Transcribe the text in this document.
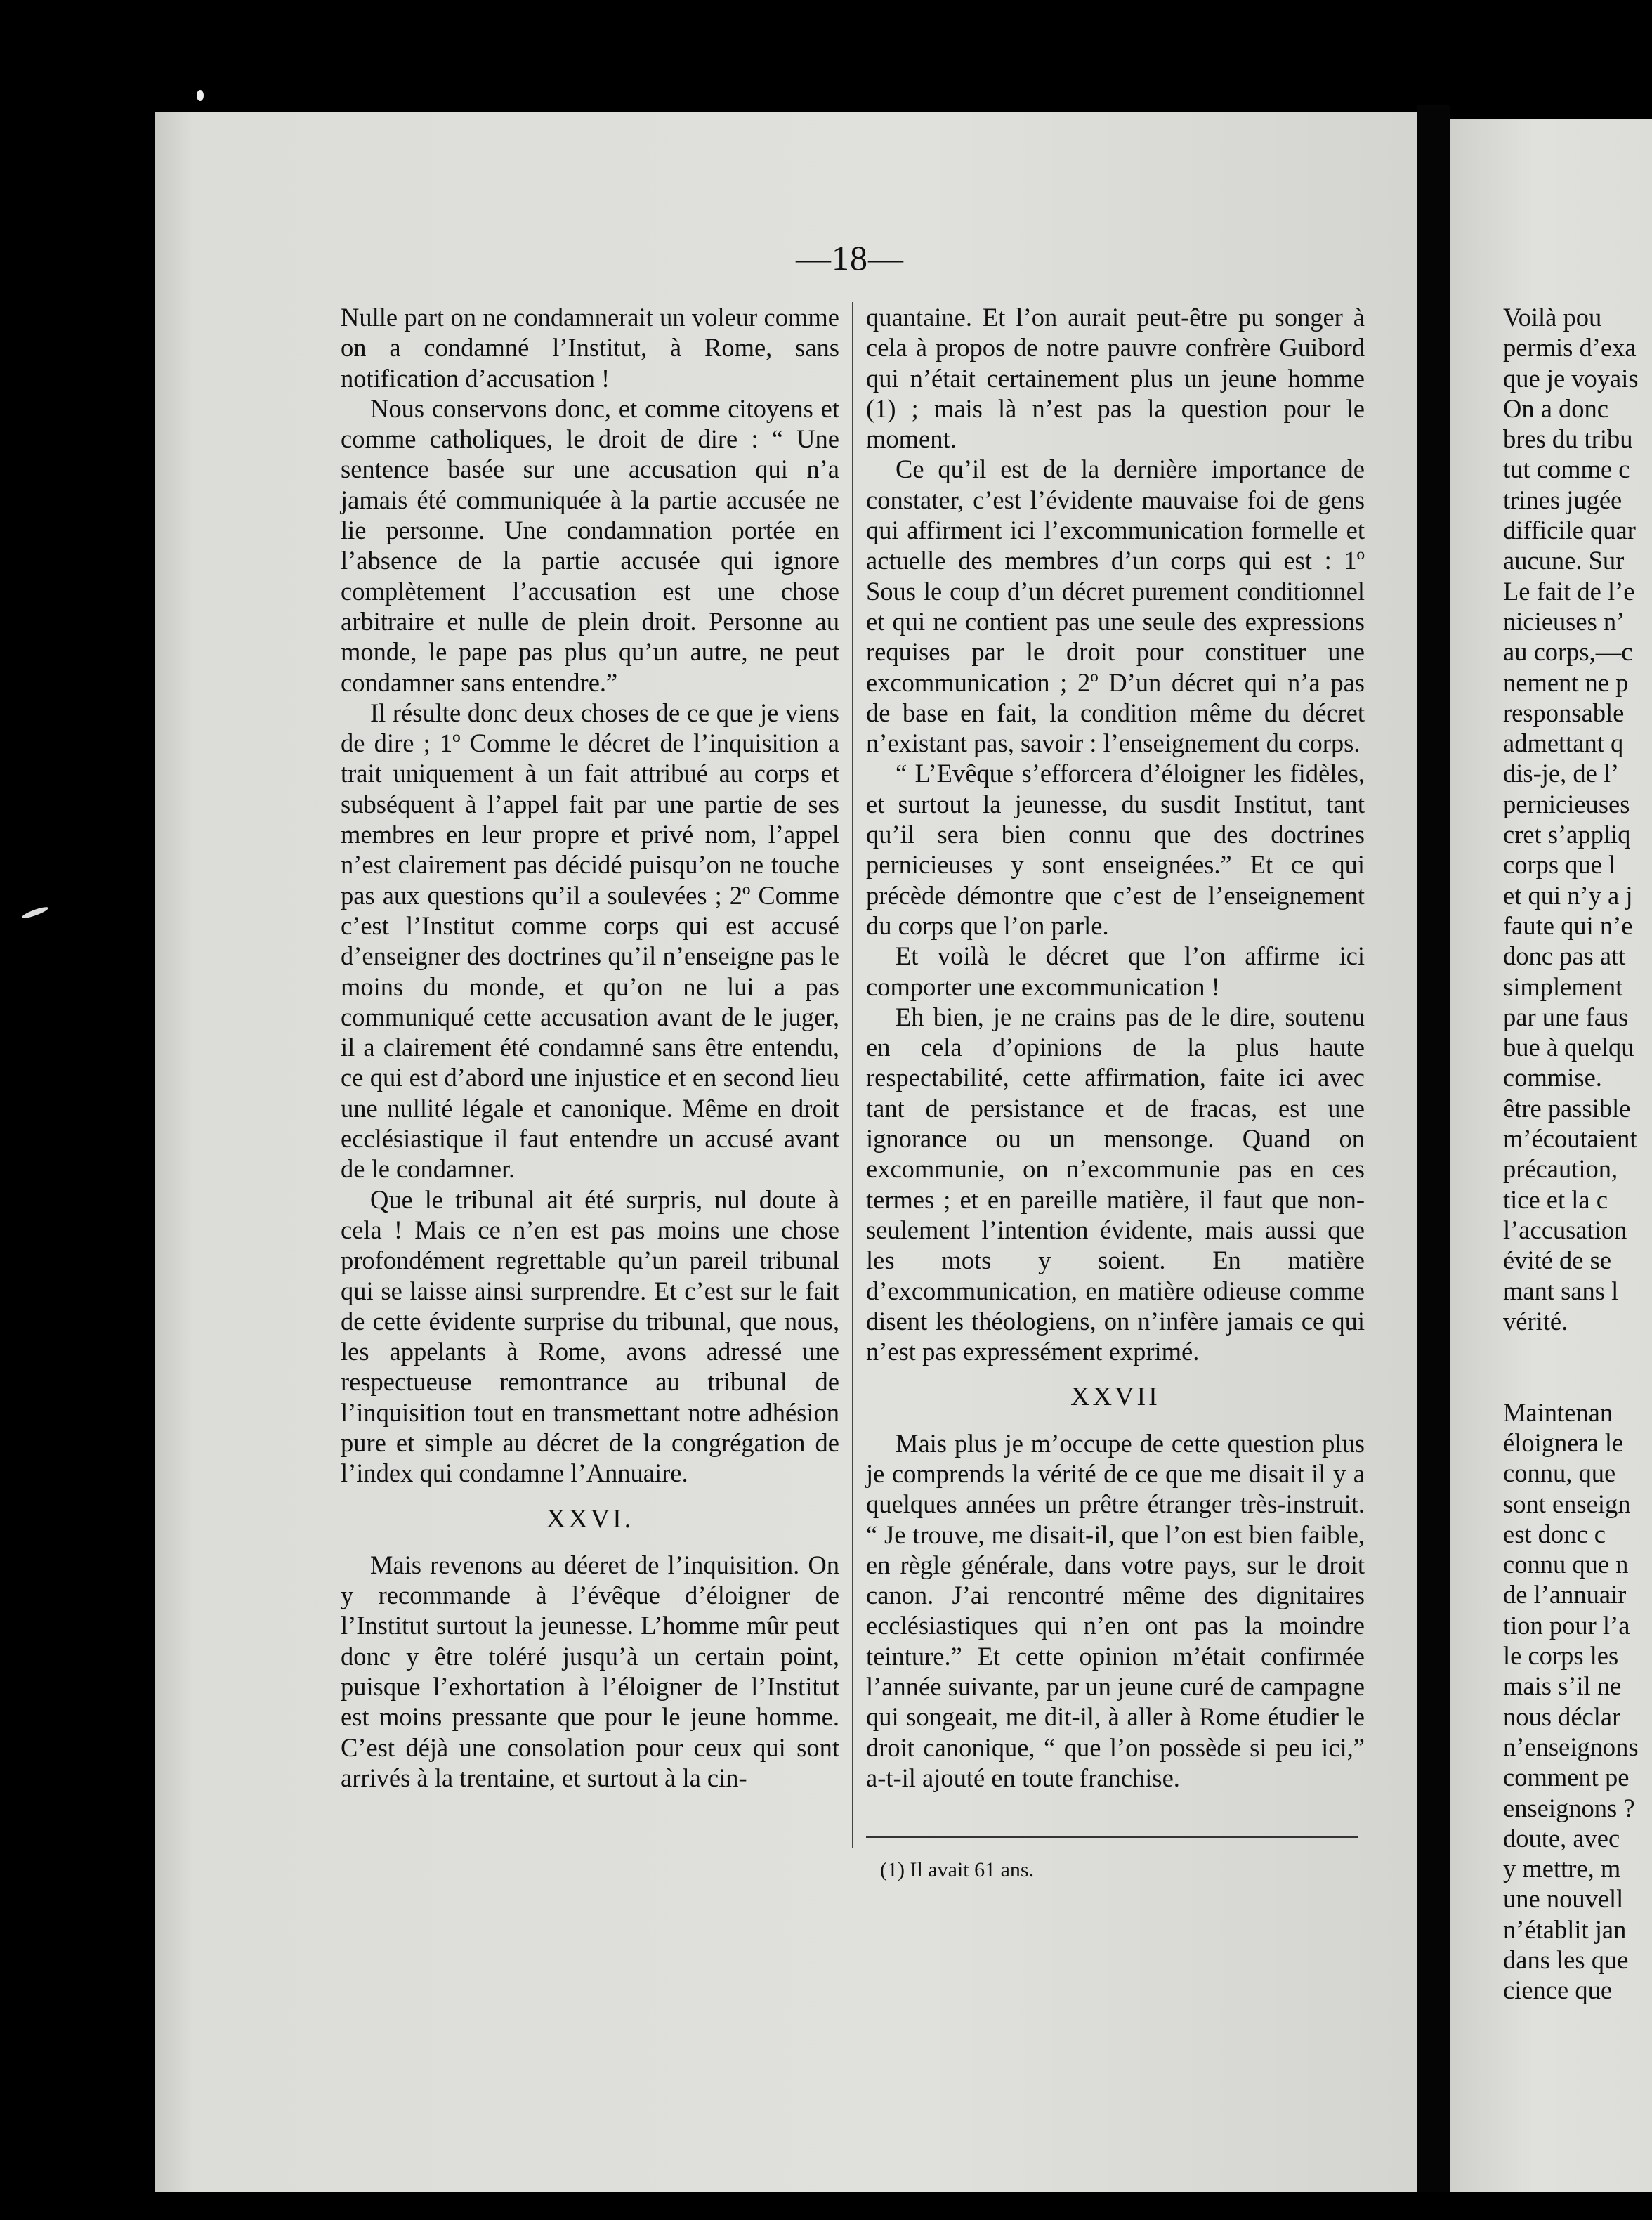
—18—

Nulle part on ne condamnerait un voleur comme on a condamné l’Institut, à Rome, sans notification d’accusation !

Nous conservons donc, et comme citoyens et comme catholiques, le droit de dire : “ Une sentence basée sur une accusation qui n’a jamais été communiquée à la partie accusée ne lie personne. Une condamnation portée en l’absence de la partie accusée qui ignore complètement l’accusation est une chose arbitraire et nulle de plein droit. Personne au monde, le pape pas plus qu’un autre, ne peut condamner sans entendre.”

Il résulte donc deux choses de ce que je viens de dire ; 1º Comme le décret de l’inquisition a trait uniquement à un fait attribué au corps et subséquent à l’appel fait par une partie de ses membres en leur propre et privé nom, l’appel n’est clairement pas décidé puisqu’on ne touche pas aux questions qu’il a soulevées ; 2º Comme c’est l’Institut comme corps qui est accusé d’enseigner des doctrines qu’il n’enseigne pas le moins du monde, et qu’on ne lui a pas communiqué cette accusation avant de le juger, il a clairement été condamné sans être entendu, ce qui est d’abord une injustice et en second lieu une nullité légale et canonique. Même en droit ecclésiastique il faut entendre un accusé avant de le condamner.

Que le tribunal ait été surpris, nul doute à cela ! Mais ce n’en est pas moins une chose profondément regrettable qu’un pareil tribunal qui se laisse ainsi surprendre. Et c’est sur le fait de cette évidente surprise du tribunal, que nous, les appelants à Rome, avons adressé une respectueuse remontrance au tribunal de l’inquisition tout en transmettant notre adhésion pure et simple au décret de la congrégation de l’index qui condamne l’Annuaire.

XXVI.

Mais revenons au déeret de l’inquisition. On y recommande à l’évêque d’éloigner de l’Institut surtout la jeunesse. L’homme mûr peut donc y être toléré jusqu’à un certain point, puisque l’exhortation à l’éloigner de l’Institut est moins pressante que pour le jeune homme. C’est déjà une consolation pour ceux qui sont arrivés à la trentaine, et surtout à la cin-

quantaine. Et l’on aurait peut-être pu songer à cela à propos de notre pauvre confrère Guibord qui n’était certainement plus un jeune homme (1) ; mais là n’est pas la question pour le moment.

Ce qu’il est de la dernière importance de constater, c’est l’évidente mauvaise foi de gens qui affirment ici l’excommunication formelle et actuelle des membres d’un corps qui est : 1º Sous le coup d’un décret purement conditionnel et qui ne contient pas une seule des expressions requises par le droit pour constituer une excommunication ; 2º D’un décret qui n’a pas de base en fait, la condition même du décret n’existant pas, savoir : l’enseignement du corps.

“ L’Evêque s’efforcera d’éloigner les fidèles, et surtout la jeunesse, du susdit Institut, tant qu’il sera bien connu que des doctrines pernicieuses y sont enseignées.” Et ce qui précède démontre que c’est de l’enseignement du corps que l’on parle.

Et voilà le décret que l’on affirme ici comporter une excommunication !

Eh bien, je ne crains pas de le dire, soutenu en cela d’opinions de la plus haute respectabilité, cette affirmation, faite ici avec tant de persistance et de fracas, est une ignorance ou un mensonge. Quand on excommunie, on n’excommunie pas en ces termes ; et en pareille matière, il faut que non-seulement l’intention évidente, mais aussi que les mots y soient. En matière d’excommunication, en matière odieuse comme disent les théologiens, on n’infère jamais ce qui n’est pas expressément exprimé.

XXVII

Mais plus je m’occupe de cette question plus je comprends la vérité de ce que me disait il y a quelques années un prêtre étranger très-instruit. “ Je trouve, me disait-il, que l’on est bien faible, en règle générale, dans votre pays, sur le droit canon. J’ai rencontré même des dignitaires ecclésiastiques qui n’en ont pas la moindre teinture.” Et cette opinion m’était confirmée l’année suivante, par un jeune curé de campagne qui songeait, me dit-il, à aller à Rome étudier le droit canonique, “ que l’on possède si peu ici,” a-t-il ajouté en toute franchise.

(1) Il avait 61 ans.

Voilà pou

permis d’exa

que je voyais

On a donc

bres du tribu

tut comme c

trines jugée

difficile quar

aucune. Sur

Le fait de l’e

nicieuses n’

au corps,—c

nement ne p

responsable

admettant q

dis-je, de l’

pernicieuses

cret s’appliq

corps que l

et qui n’y a j

faute qui n’e

donc pas att

simplement

par une faus

bue à quelqu

commise.

être passible

m’écoutaient

précaution,

tice et la c

l’accusation

évité de se

mant sans l

vérité.

Maintenan

éloignera le

connu, que

sont enseign

est donc c

connu que n

de l’annuair

tion pour l’a

le corps les

mais s’il ne

nous déclar

n’enseignons

comment pe

enseignons ?

doute, avec

y mettre, m

une nouvell

n’établit jan

dans les que

cience que
